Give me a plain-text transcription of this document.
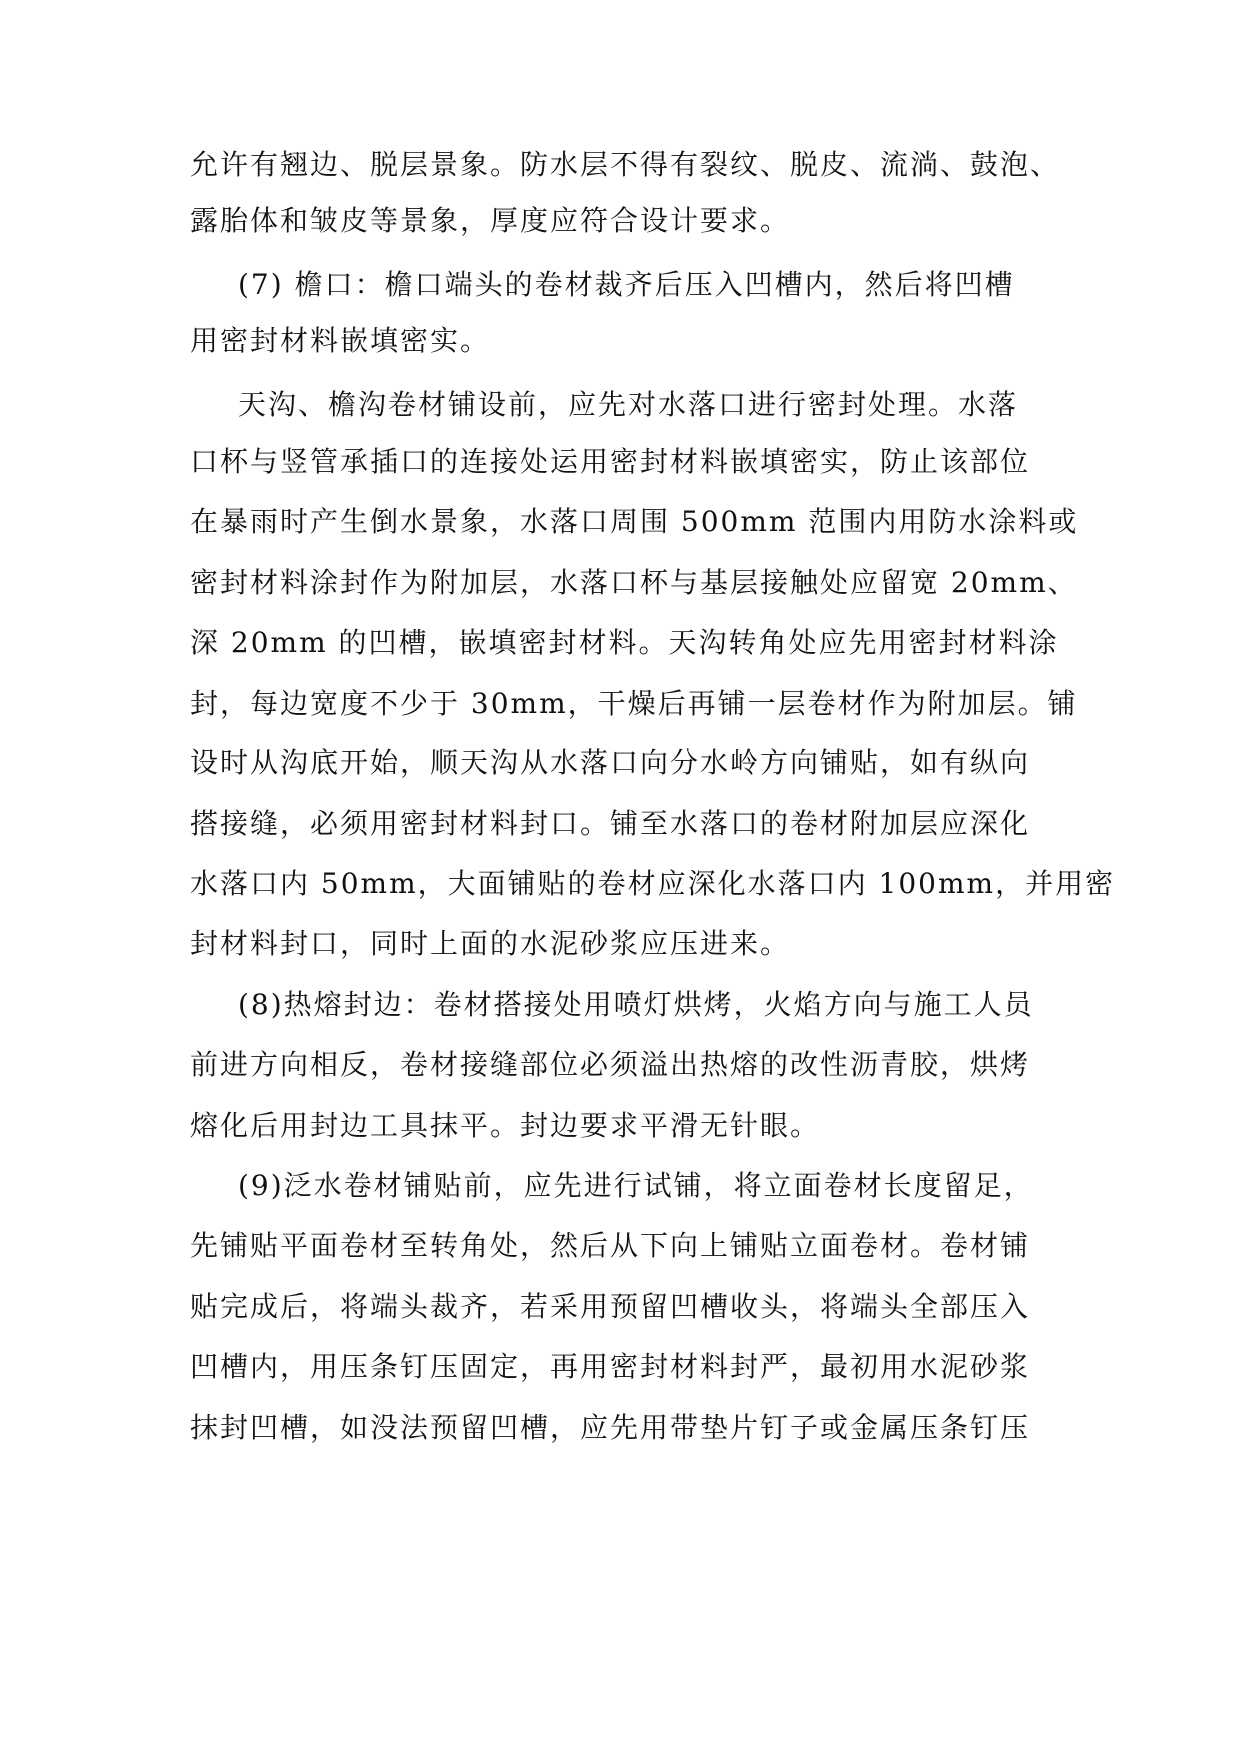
允许有翘边、脱层景象。防水层不得有裂纹、脱皮、流淌、鼓泡、
露胎体和皱皮等景象，厚度应符合设计要求。
(7) 檐口：檐口端头的卷材裁齐后压入凹槽内，然后将凹槽
用密封材料嵌填密实。
天沟、檐沟卷材铺设前，应先对水落口进行密封处理。水落
口杯与竖管承插口的连接处运用密封材料嵌填密实，防止该部位
在暴雨时产生倒水景象，水落口周围 500mm 范围内用防水涂料或
密封材料涂封作为附加层，水落口杯与基层接触处应留宽 20mm、
深 20mm 的凹槽，嵌填密封材料。天沟转角处应先用密封材料涂
封，每边宽度不少于 30mm，干燥后再铺一层卷材作为附加层。铺
设时从沟底开始，顺天沟从水落口向分水岭方向铺贴，如有纵向
搭接缝，必须用密封材料封口。铺至水落口的卷材附加层应深化
水落口内 50mm，大面铺贴的卷材应深化水落口内 100mm，并用密
封材料封口，同时上面的水泥砂浆应压进来。
(8)热熔封边：卷材搭接处用喷灯烘烤，火焰方向与施工人员
前进方向相反，卷材接缝部位必须溢出热熔的改性沥青胶，烘烤
熔化后用封边工具抹平。封边要求平滑无针眼。
(9)泛水卷材铺贴前，应先进行试铺，将立面卷材长度留足，
先铺贴平面卷材至转角处，然后从下向上铺贴立面卷材。卷材铺
贴完成后，将端头裁齐，若采用预留凹槽收头，将端头全部压入
凹槽内，用压条钉压固定，再用密封材料封严，最初用水泥砂浆
抹封凹槽，如没法预留凹槽，应先用带垫片钉子或金属压条钉压
